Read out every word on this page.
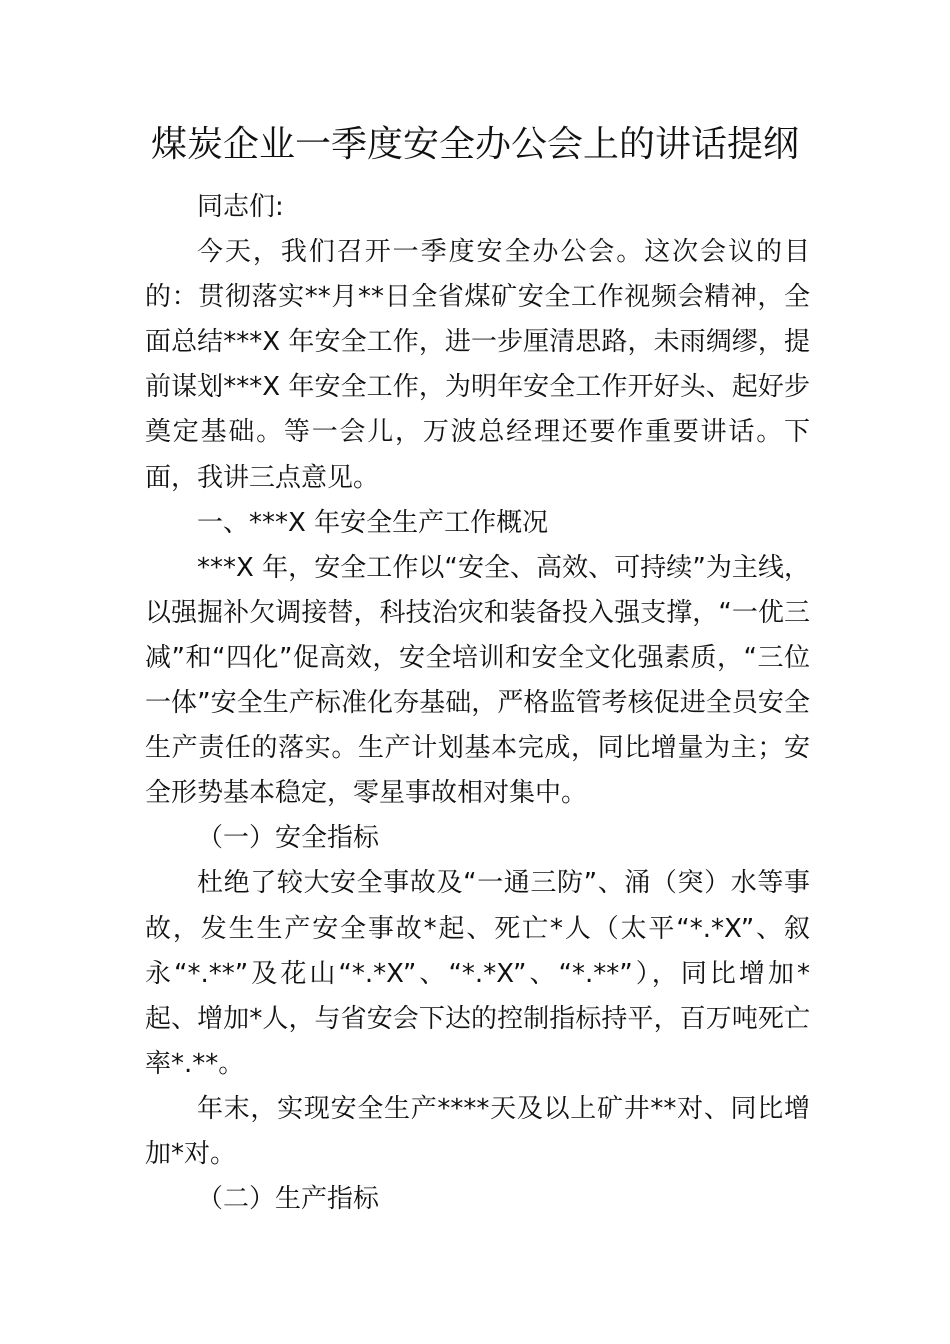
煤炭企业一季度安全办公会上的讲话提纲

同志们:

今天，我们召开一季度安全办公会。这次会议的目的：贯彻落实**月**日全省煤矿安全工作视频会精神，全面总结***X 年安全工作，进一步厘清思路，未雨绸缪，提前谋划***X 年安全工作，为明年安全工作开好头、起好步奠定基础。等一会儿，万波总经理还要作重要讲话。下面，我讲三点意见。

一、***X 年安全生产工作概况

***X 年，安全工作以“安全、高效、可持续”为主线，以强掘补欠调接替，科技治灾和装备投入强支撑，“一优三减”和“四化”促高效，安全培训和安全文化强素质，“三位一体”安全生产标准化夯基础，严格监管考核促进全员安全生产责任的落实。生产计划基本完成，同比增量为主；安全形势基本稳定，零星事故相对集中。

（一）安全指标

杜绝了较大安全事故及“一通三防”、涌（突）水等事故，发生生产安全事故*起、死亡*人（太平“*.*X”、叙永“*.**”及花山“*.*X”、“*.*X”、“*.**”），同比增加*起、增加*人，与省安会下达的控制指标持平，百万吨死亡率*.**。

年末，实现安全生产****天及以上矿井**对、同比增加*对。

（二）生产指标
